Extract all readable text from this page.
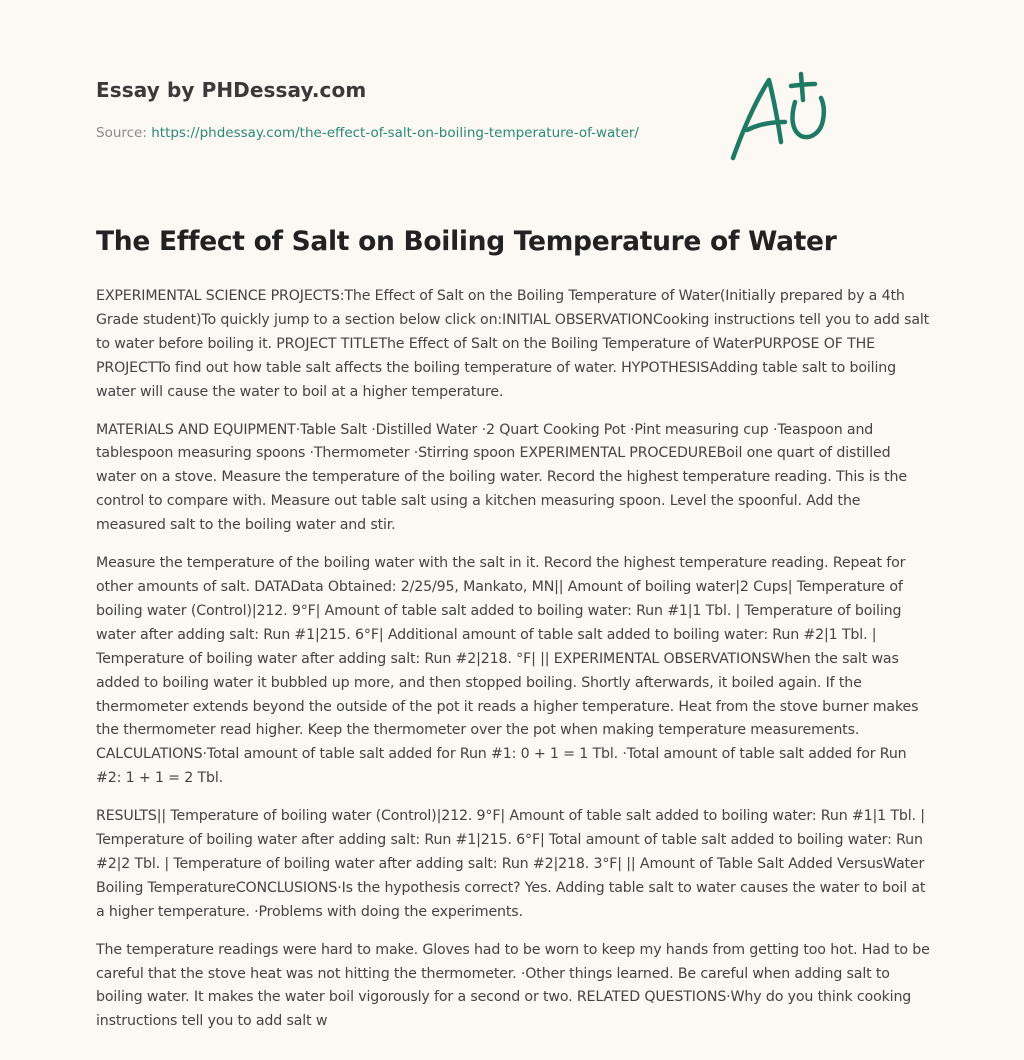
Essay by PHDessay.com
Source: https://phdessay.com/the-effect-of-salt-on-boiling-temperature-of-water/
The Effect of Salt on Boiling Temperature of Water

EXPERIMENTAL SCIENCE PROJECTS:The Effect of Salt on the Boiling Temperature of Water(Initially prepared by a 4th Grade student)To quickly jump to a section below click on:INITIAL OBSERVATIONCooking instructions tell you to add salt to water before boiling it. PROJECT TITLEThe Effect of Salt on the Boiling Temperature of WaterPURPOSE OF THE PROJECTTo find out how table salt affects the boiling temperature of water. HYPOTHESISAdding table salt to boiling water will cause the water to boil at a higher temperature.

MATERIALS AND EQUIPMENT·Table Salt ·Distilled Water ·2 Quart Cooking Pot ·Pint measuring cup ·Teaspoon and tablespoon measuring spoons ·Thermometer ·Stirring spoon EXPERIMENTAL PROCEDUREBoil one quart of distilled water on a stove. Measure the temperature of the boiling water. Record the highest temperature reading. This is the control to compare with. Measure out table salt using a kitchen measuring spoon. Level the spoonful. Add the measured salt to the boiling water and stir.

Measure the temperature of the boiling water with the salt in it. Record the highest temperature reading. Repeat for other amounts of salt. DATAData Obtained: 2/25/95, Mankato, MN|| Amount of boiling water|2 Cups| Temperature of boiling water (Control)|212. 9°F| Amount of table salt added to boiling water: Run #1|1 Tbl. | Temperature of boiling water after adding salt: Run #1|215. 6°F| Additional amount of table salt added to boiling water: Run #2|1 Tbl. | Temperature of boiling water after adding salt: Run #2|218. °F| || EXPERIMENTAL OBSERVATIONSWhen the salt was added to boiling water it bubbled up more, and then stopped boiling. Shortly afterwards, it boiled again. If the thermometer extends beyond the outside of the pot it reads a higher temperature. Heat from the stove burner makes the thermometer read higher. Keep the thermometer over the pot when making temperature measurements. CALCULATIONS·Total amount of table salt added for Run #1: 0 + 1 = 1 Tbl. ·Total amount of table salt added for Run #2: 1 + 1 = 2 Tbl.

RESULTS|| Temperature of boiling water (Control)|212. 9°F| Amount of table salt added to boiling water: Run #1|1 Tbl. | Temperature of boiling water after adding salt: Run #1|215. 6°F| Total amount of table salt added to boiling water: Run #2|2 Tbl. | Temperature of boiling water after adding salt: Run #2|218. 3°F| || Amount of Table Salt Added VersusWater Boiling TemperatureCONCLUSIONS·Is the hypothesis correct? Yes. Adding table salt to water causes the water to boil at a higher temperature. ·Problems with doing the experiments.

The temperature readings were hard to make. Gloves had to be worn to keep my hands from getting too hot. Had to be careful that the stove heat was not hitting the thermometer. ·Other things learned. Be careful when adding salt to boiling water. It makes the water boil vigorously for a second or two. RELATED QUESTIONS·Why do you think cooking instructions tell you to add salt w
